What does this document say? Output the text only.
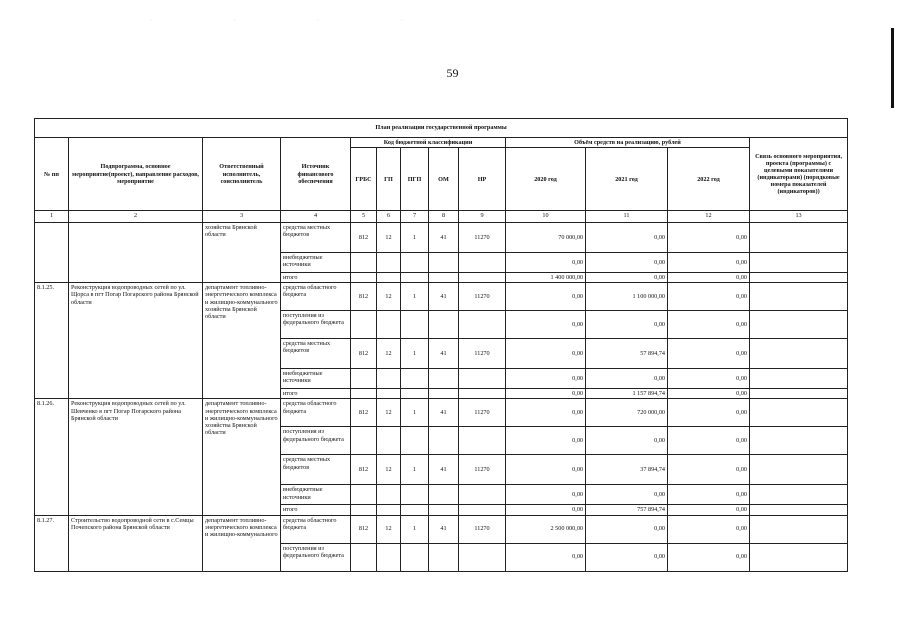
· · · ·
59
План реализации государственной программы												
№ пп	Подпрограмма, основное мероприятие(проект), направление расходов, мероприятие	Ответственный исполнитель, соисполнитель	Источник финансового обеспечения	Код бюджетной классификации					Объём средств на реализацию, рублей			Связь основного мероприятия, проекта (программы) с целевыми показателями (индикаторами) (порядковые номера показателей (индикаторов))
				ГРБС	ГП	ПГП	ОМ	НР	2020 год	2021 год	2022 год	
1	2	3	4	5	6	7	8	9	10	11	12	13
		хозяйства Брянской области	средства местных бюджетов	812	12	1	41	11270	70 000,00	0,00	0,00	
			внебюджетные источники						0,00	0,00	0,00	
			итого						1 400 000,00	0,00	0,00	
8.1.25.	Реконструкция водопроводных сетей по ул. Щорса в пгт Погар Погарского района Брянской области	департамент топливно-энергетического комплекса и жилищно-коммунального хозяйства Брянской области	средства областного бюджета	812	12	1	41	11270	0,00	1 100 000,00	0,00	
			поступления из федерального бюджета						0,00	0,00	0,00	
			средства местных бюджетов	812	12	1	41	11270	0,00	57 894,74	0,00	
			внебюджетные источники						0,00	0,00	0,00	
			итого						0,00	1 157 894,74	0,00	
8.1.26.	Реконструкция водопроводных сетей по ул. Шевченко в пгт Погар Погарского района Брянской области	департамент топливно-энергетического комплекса и жилищно-коммунального хозяйства Брянской области	средства областного бюджета	812	12	1	41	11270	0,00	720 000,00	0,00	
			поступления из федерального бюджета						0,00	0,00	0,00	
			средства местных бюджетов	812	12	1	41	11270	0,00	37 894,74	0,00	
			внебюджетные источники						0,00	0,00	0,00	
			итого						0,00	757 894,74	0,00	
8.1.27.	Строительство водопроводной сети в с.Семцы Почепского района Брянской области	департамент топливно-энергетического комплекса и жилищно-коммунального	средства областного бюджета	812	12	1	41	11270	2 500 000,00	0,00	0,00	
			поступления из федерального бюджета						0,00	0,00	0,00	
